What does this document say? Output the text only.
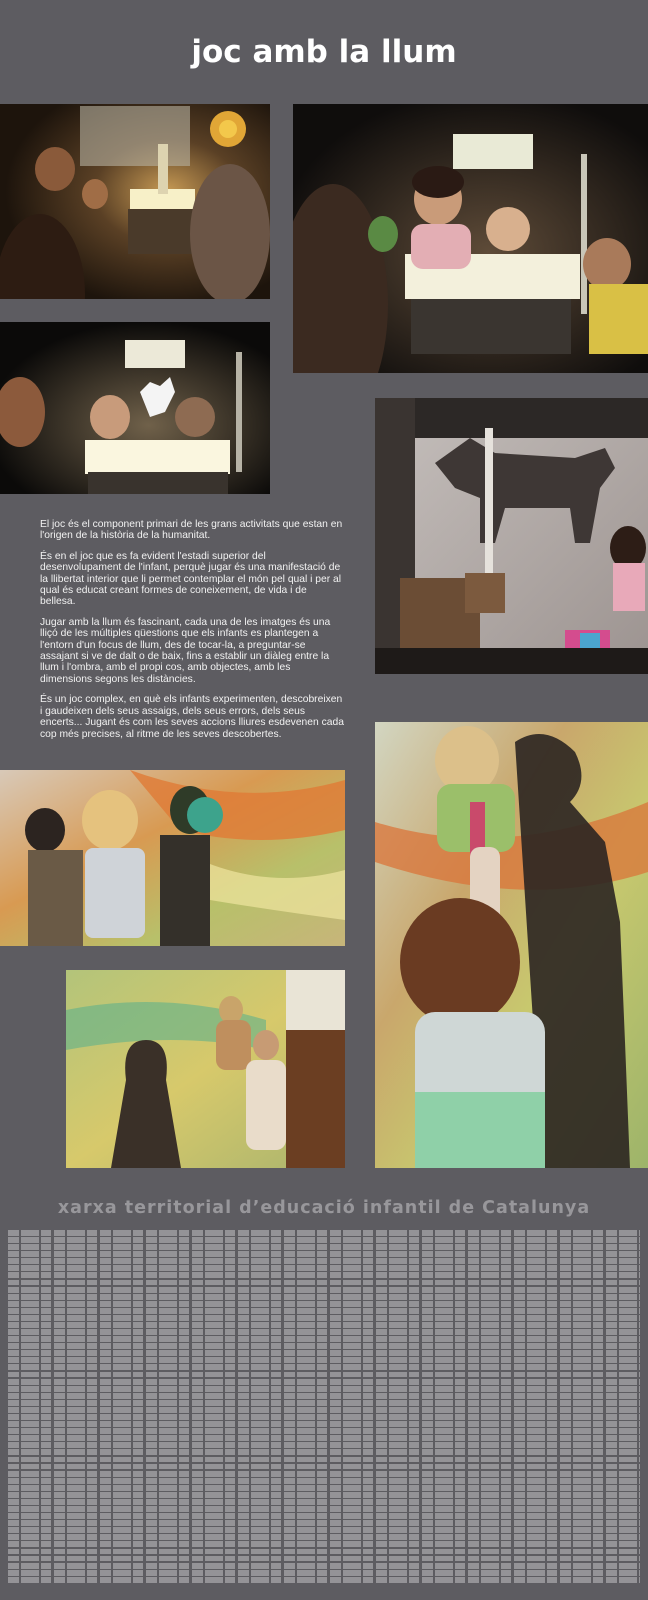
joc amb la llum

El joc és el component primari de les grans activitats que estan en l'origen de la història de la humanitat.

És en el joc que es fa evident l'estadi superior del desenvolupament de l'infant, perquè jugar és una manifestació de la llibertat interior que li permet contemplar el món pel qual i per al qual és educat creant formes de coneixement, de vida i de bellesa.

Jugar amb la llum és fascinant, cada una de les imatges és una lliçó de les múltiples qüestions que els infants es plantegen a l'entorn d'un focus de llum, des de tocar-la, a preguntar-se assajant si ve de dalt o de baix, fins a establir un diàleg entre la llum i l'ombra, amb el propi cos, amb objectes, amb les dimensions segons les distàncies.

És un joc complex, en què els infants experimenten, descobreixen i gaudeixen dels seus assaigs, dels seus errors, dels seus encerts... Jugant és com les seves accions lliures esdevenen cada cop més precises, al ritme de les seves descobertes.

xarxa territorial d’educació infantil de Catalunya
